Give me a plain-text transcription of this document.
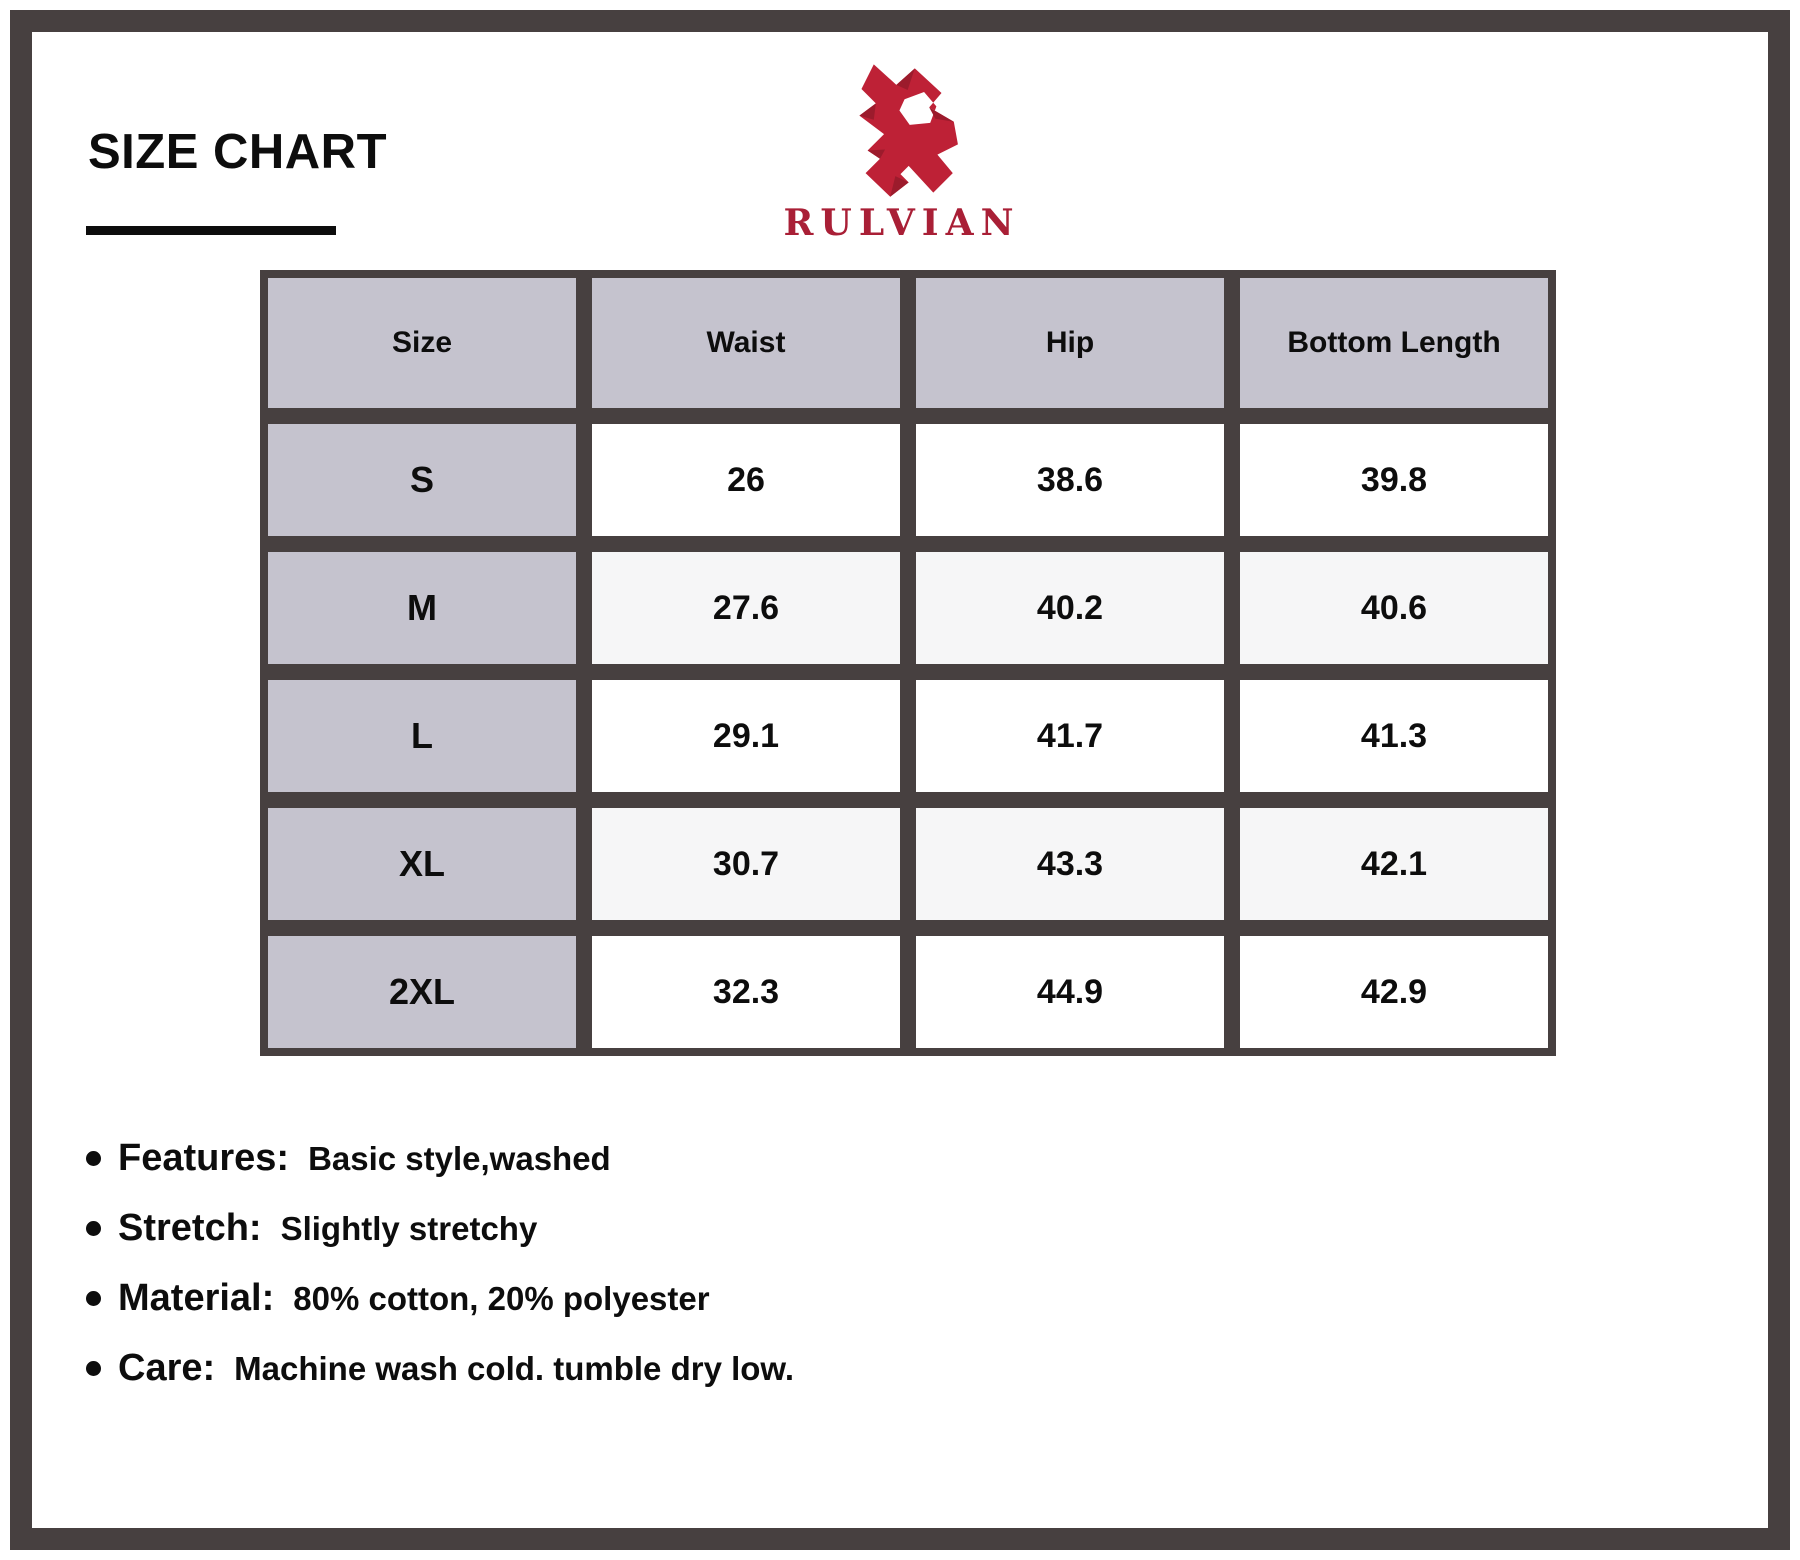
SIZE CHART
RULVIAN
Size	Waist	Hip	Bottom Length
S	26	38.6	39.8
M	27.6	40.2	40.6
L	29.1	41.7	41.3
XL	30.7	43.3	42.1
2XL	32.3	44.9	42.9
Features: Basic style,washed
Stretch: Slightly stretchy
Material: 80% cotton, 20% polyester
Care: Machine wash cold. tumble dry low.
